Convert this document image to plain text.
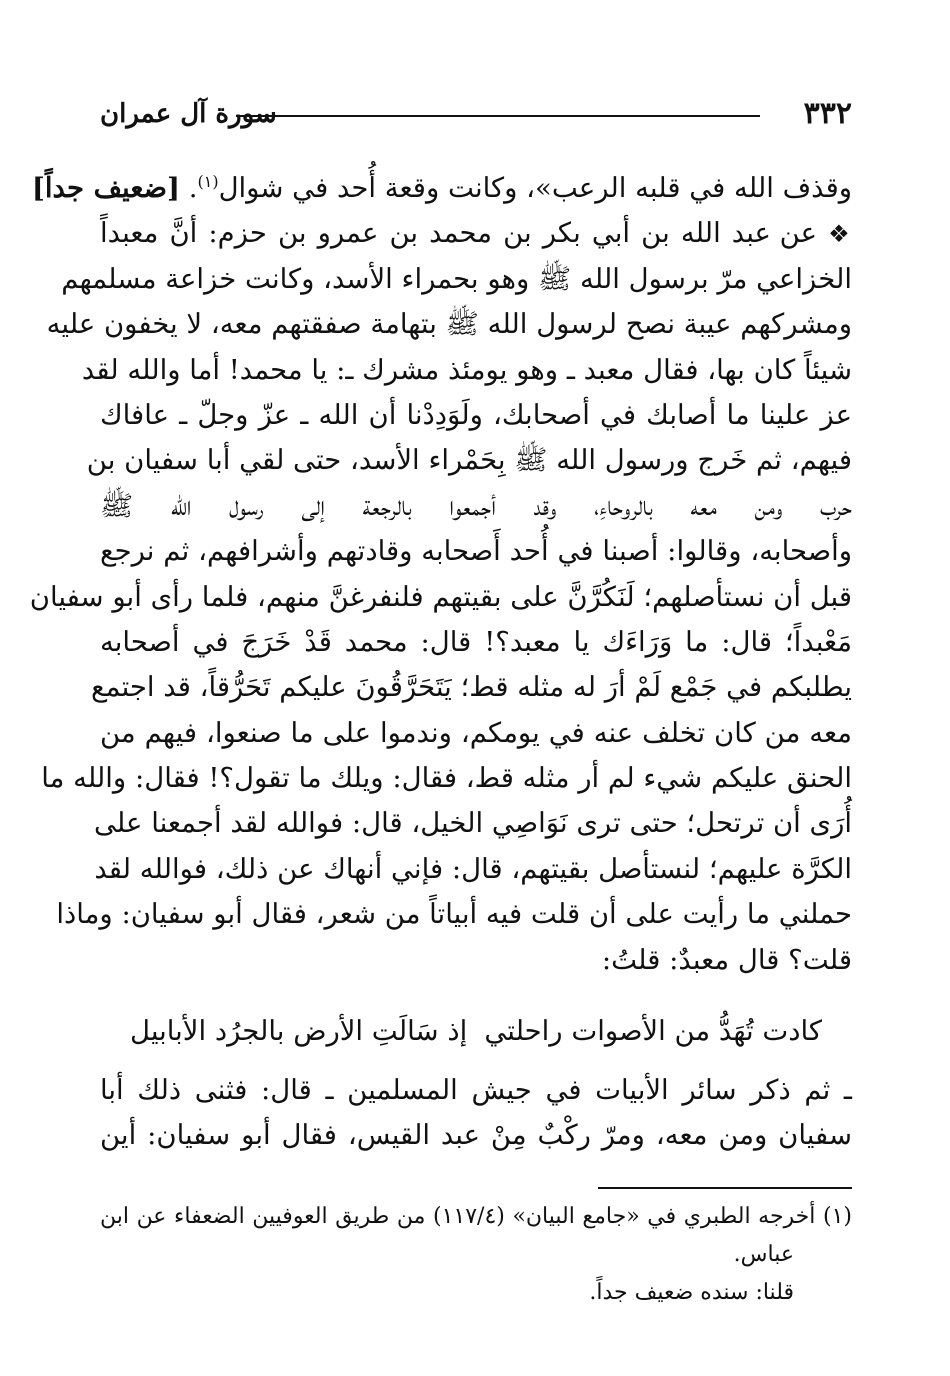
٣٣٢
سورة آل عمران
وقذف الله في قلبه الرعب»، وكانت وقعة أُحد في شوال$^{(١)}$. [ضعيف جداً]
❖ عن عبد الله بن أبي بكر بن محمد بن عمرو بن حزم: أنَّ معبداً
الخزاعي مرّ برسول الله ﷺ وهو بحمراء الأسد، وكانت خزاعة مسلمهم
ومشركهم عيبة نصح لرسول الله ﷺ بتهامة صفقتهم معه، لا يخفون عليه
شيئاً كان بها، فقال معبد ـ وهو يومئذ مشرك ـ: يا محمد! أما والله لقد
عز علينا ما أصابك في أصحابك، ولَوَدِدْنا أن الله ـ عزّ وجلّ ـ عافاك
فيهم، ثم خَرج ورسول الله ﷺ بِحَمْراء الأسد، حتى لقي أبا سفيان بن
حرب ومن معه بالروحاءِ، وقد أجمعوا بالرجعة إلى رسول الله ﷺ
وأصحابه، وقالوا: أصبنا في أُحد أَصحابه وقادتهم وأشرافهم، ثم نرجع
قبل أن نستأصلهم؛ لَنَكُرَّنَّ على بقيتهم فلنفرغنَّ منهم، فلما رأى أبو سفيان
مَعْبداً؛ قال: ما وَرَاءَك يا معبد؟! قال: محمد قَدْ خَرَجَ في أصحابه
يطلبكم في جَمْع لَمْ أرَ له مثله قط؛ يَتَحَرَّقُونَ عليكم تَحَرُّقاً، قد اجتمع
معه من كان تخلف عنه في يومكم، وندموا على ما صنعوا، فيهم من
الحنق عليكم شيء لم أر مثله قط، فقال: ويلك ما تقول؟! فقال: والله ما
أُرَى أن ترتحل؛ حتى ترى نَوَاصِي الخيل، قال: فوالله لقد أجمعنا على
الكرَّة عليهم؛ لنستأصل بقيتهم، قال: فإني أنهاك عن ذلك، فوالله لقد
حملني ما رأيت على أن قلت فيه أبياتاً من شعر، فقال أبو سفيان: وماذا
قلت؟ قال معبدٌ: قلتُ:
كادت تُهَدُّ من الأصوات راحلتي
إذ سَالَتِ الأرض بالجرُد الأبابيل
ـ ثم ذكر سائر الأبيات في جيش المسلمين ـ قال: فثنى ذلك أبا
سفيان ومن معه، ومرّ ركْبٌ مِنْ عبد القيس، فقال أبو سفيان: أين
(١) أخرجه الطبري في «جامع البيان» (١١٧/٤) من طريق العوفيين الضعفاء عن ابن
عباس.
قلنا: سنده ضعيف جداً.
